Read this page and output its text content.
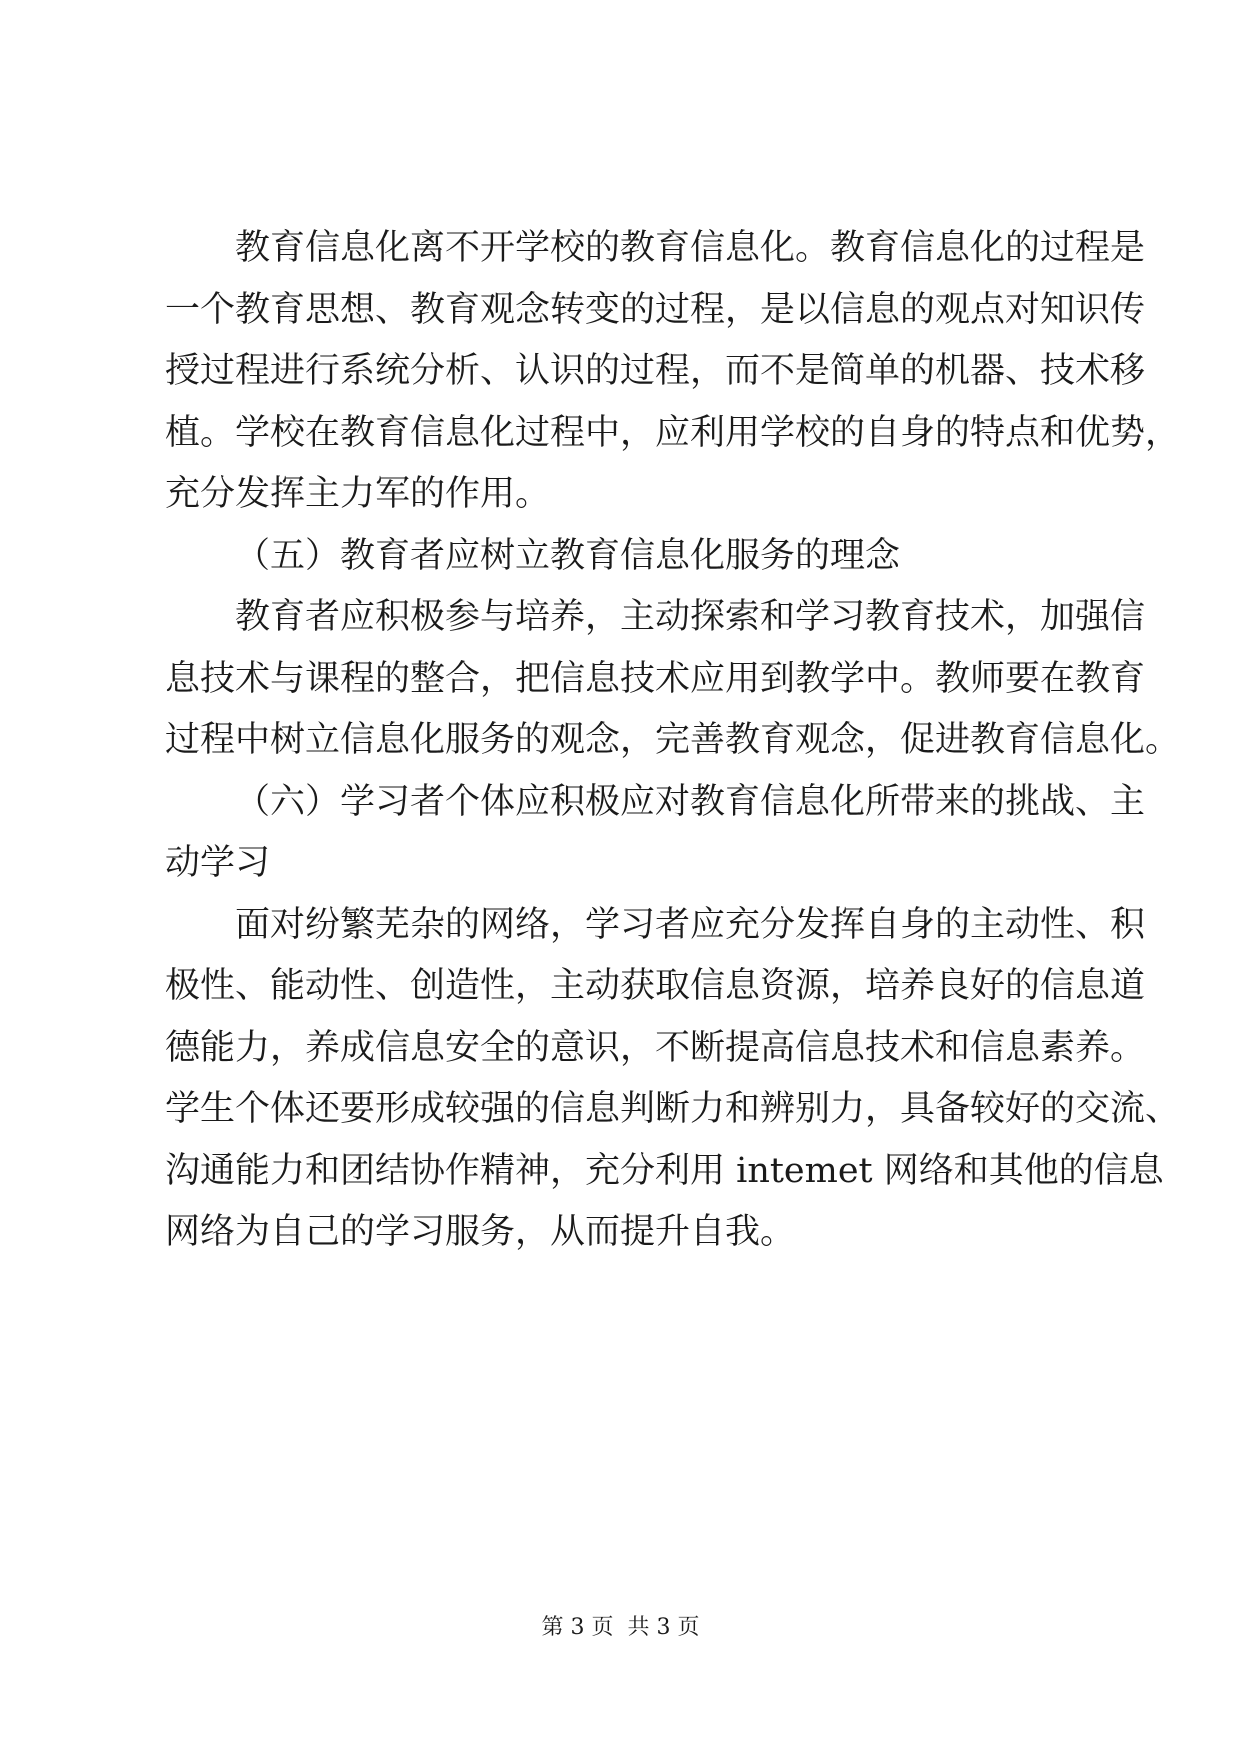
教育信息化离不开学校的教育信息化。教育信息化的过程是
一个教育思想、教育观念转变的过程，是以信息的观点对知识传
授过程进行系统分析、认识的过程，而不是简单的机器、技术移
植。学校在教育信息化过程中，应利用学校的自身的特点和优势，
充分发挥主力军的作用。
（五）教育者应树立教育信息化服务的理念
教育者应积极参与培养，主动探索和学习教育技术，加强信
息技术与课程的整合，把信息技术应用到教学中。教师要在教育
过程中树立信息化服务的观念，完善教育观念，促进教育信息化。
（六）学习者个体应积极应对教育信息化所带来的挑战、主
动学习
面对纷繁芜杂的网络，学习者应充分发挥自身的主动性、积
极性、能动性、创造性，主动获取信息资源，培养良好的信息道
德能力，养成信息安全的意识，不断提高信息技术和信息素养。
学生个体还要形成较强的信息判断力和辨别力，具备较好的交流、
沟通能力和团结协作精神，充分利用 intemet 网络和其他的信息
网络为自己的学习服务，从而提升自我。
第 3 页  共 3 页
